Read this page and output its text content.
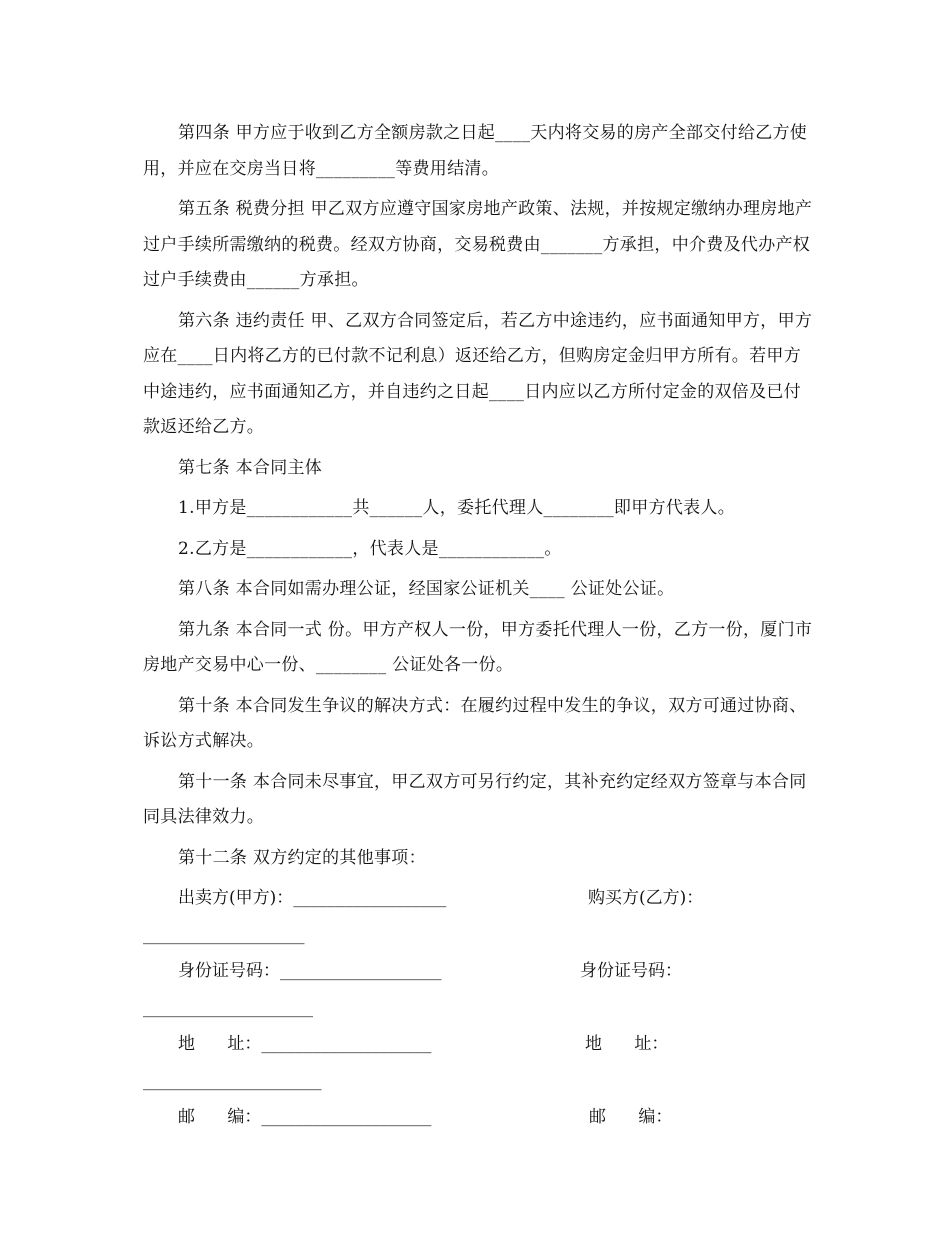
第四条 甲方应于收到乙方全额房款之日起____天内将交易的房产全部交付给乙方使用，并应在交房当日将_________等费用结清。

第五条 税费分担 甲乙双方应遵守国家房地产政策、法规，并按规定缴纳办理房地产过户手续所需缴纳的税费。经双方协商，交易税费由_______方承担，中介费及代办产权过户手续费由______方承担。

第六条 违约责任 甲、乙双方合同签定后，若乙方中途违约，应书面通知甲方，甲方应在____日内将乙方的已付款不记利息）返还给乙方，但购房定金归甲方所有。若甲方中途违约，应书面通知乙方，并自违约之日起____日内应以乙方所付定金的双倍及已付款返还给乙方。

第七条 本合同主体

1.甲方是____________共______人，委托代理人________即甲方代表人。

2.乙方是____________，代表人是____________。

第八条 本合同如需办理公证，经国家公证机关____ 公证处公证。

第九条 本合同一式 份。甲方产权人一份，甲方委托代理人一份，乙方一份，厦门市房地产交易中心一份、________ 公证处各一份。

第十条 本合同发生争议的解决方式：在履约过程中发生的争议，双方可通过协商、诉讼方式解决。

第十一条 本合同未尽事宜，甲乙双方可另行约定，其补充约定经双方签章与本合同同具法律效力。

第十二条 双方约定的其他事项：

出卖方(甲方)：__________________

	购买方(乙方)：

___________________

身份证号码：___________________

	身份证号码：

____________________

地      址：____________________

	地      址：

_____________________

邮      编：____________________

	邮      编：
